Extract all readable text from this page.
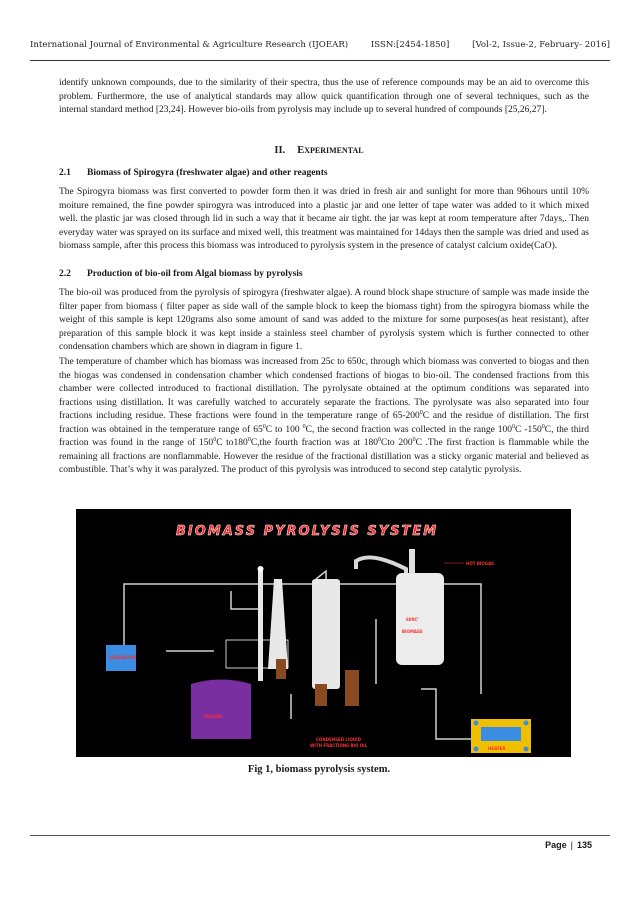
International Journal of Environmental & Agriculture Research (IJOEAR)	ISSN:[2454-1850]	[Vol-2, Issue-2, February- 2016]

identify unknown compounds, due to the similarity of their spectra, thus the use of reference compounds may be an aid to overcome this problem. Furthermore, the use of analytical standards may allow quick quantification through one of several techniques, such as the internal standard method [23,24]. However bio-oils from pyrolysis may include up to several hundred of compounds [25,26,27].

II. EXPERIMENTAL

2.1 Biomass of Spirogyra (freshwater algae) and other reagents

The Spirogyra biomass was first converted to powder form then it was dried in fresh air and sunlight for more than 96hours until 10% moiture remained, the fine powder spirogyra was introduced into a plastic jar and one letter of tape water was added to it which mixed well. the plastic jar was closed through lid in such a way that it became air tight. the jar was kept at room temperature after 7days,. Then everyday water was sprayed on its surface and mixed well, this treatment was maintained for 14days then the sample was dried and used as biomass sample, after this process this biomass was introduced to pyrolysis system in the presence of catalyst calcium oxide(CaO).

2.2 Production of bio-oil from Algal biomass by pyrolysis

The bio-oil was produced from the pyrolysis of spirogyra (freshwater algae). A round block shape structure of sample was made inside the filter paper from biomass ( filter paper as side wall of the sample block to keep the biomass tight) from the spirogyra biomass while the weight of this sample is kept 120grams also some amount of sand was added to the mixture for some purposes(as heat resistant), after preparation of this sample block it was kept inside a stainless steel chamber of pyrolysis system which is further connected to other condensation chambers which are shown in diagram in figure 1.

The temperature of chamber which has biomass was increased from 25c to 650c, through which biomass was converted to biogas and then the biogas was condensed in condensation chamber which condensed fractions of biogas to bio-oil. The condensed fractions from this chamber were collected introduced to fractional distillation. The pyrolysate obtained at the optimum conditions was separated into fractions using distillation. It was carefully watched to accurately separate the fractions. The pyrolysate was also separated into four fractions including residue. These fractions were found in the temperature range of $65-200^0C$ and the residue of distillation. The first fraction was obtained in the temperature range of $65^0C$ to 100 $^0$C, the second fraction was collected in the range $100^0C$ $-150^0C$, the third fraction was found in the range of $150^0C$ $to180^0C,the$ fourth fraction was at $180^0Cto$ $200^0C$ .The first fraction is flammable while the remaining all fractions are nonflammable. However the residue of the fractional distillation was a sticky organic material and believed as combustible. That’s why it was paralyzed. The product of this pyrolysis was introduced to second step catalytic pyrolysis.

BIOMASS PYROLYSIS SYSTEM
GENERATOR
COOLER
600C°
BIOMASS
HOT BIOGAS
HEATER
CONDENSED LIQUID
WITH FRACTIONS BIO OIL
Fig 1, biomass pyrolysis system.
Page | 135
